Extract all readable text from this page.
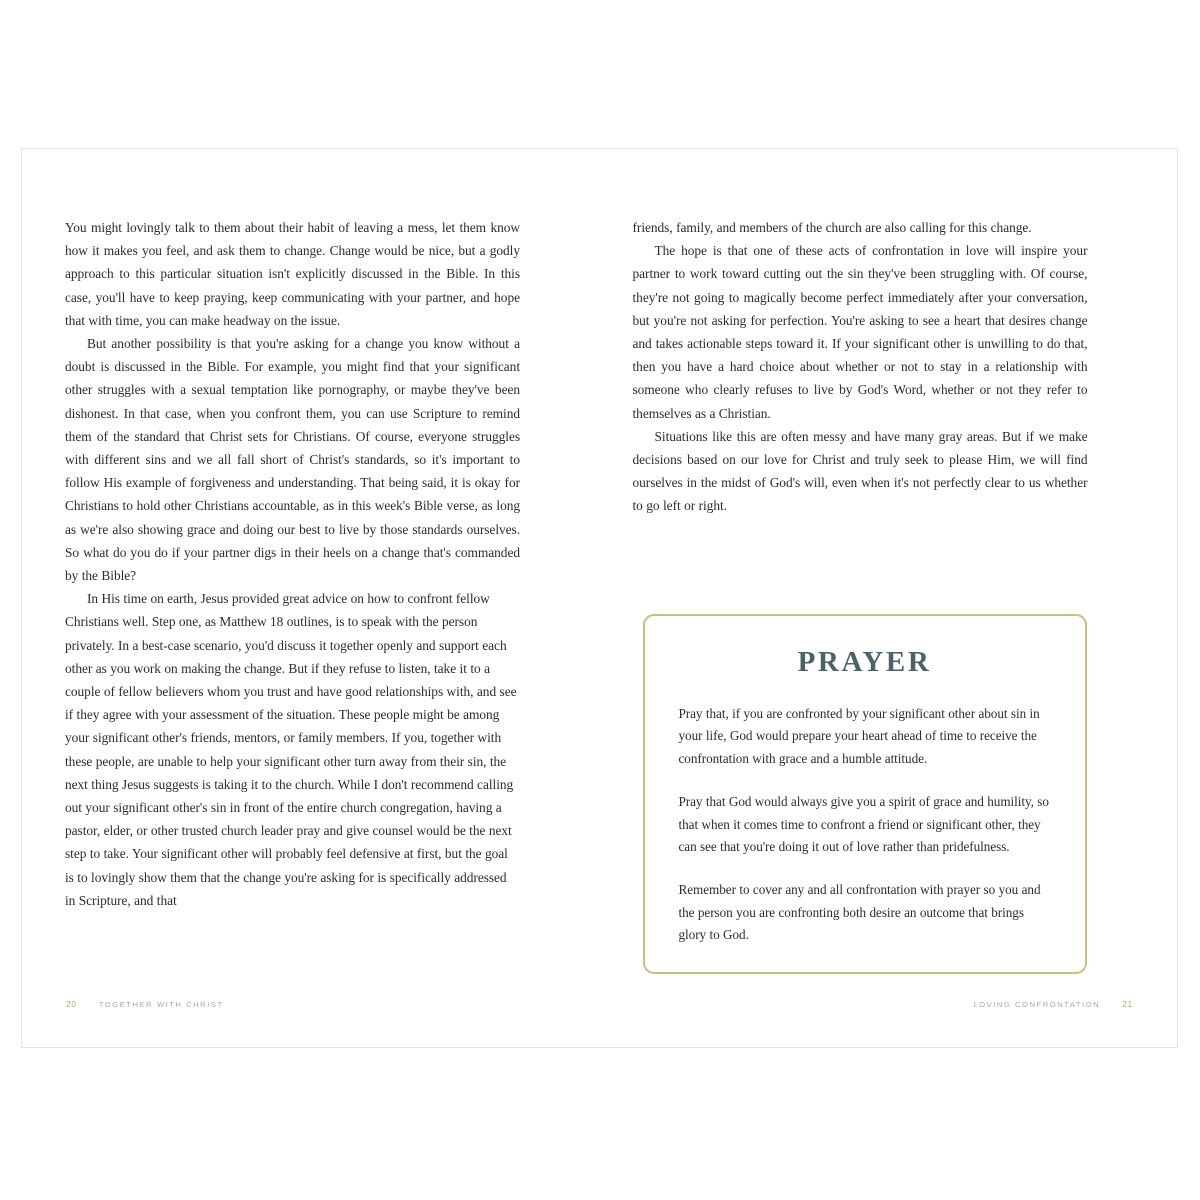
You might lovingly talk to them about their habit of leaving a mess, let them know how it makes you feel, and ask them to change. Change would be nice, but a godly approach to this particular situation isn't explicitly discussed in the Bible. In this case, you'll have to keep praying, keep communicating with your partner, and hope that with time, you can make headway on the issue.

But another possibility is that you're asking for a change you know without a doubt is discussed in the Bible. For example, you might find that your significant other struggles with a sexual temptation like pornography, or maybe they've been dishonest. In that case, when you confront them, you can use Scripture to remind them of the standard that Christ sets for Christians. Of course, everyone struggles with different sins and we all fall short of Christ's standards, so it's important to follow His example of forgiveness and understanding. That being said, it is okay for Christians to hold other Christians accountable, as in this week's Bible verse, as long as we're also showing grace and doing our best to live by those standards ourselves. So what do you do if your partner digs in their heels on a change that's commanded by the Bible?

In His time on earth, Jesus provided great advice on how to confront fellow Christians well. Step one, as Matthew 18 outlines, is to speak with the person privately. In a best-case scenario, you'd discuss it together openly and support each other as you work on making the change. But if they refuse to listen, take it to a couple of fellow believers whom you trust and have good relationships with, and see if they agree with your assessment of the situation. These people might be among your significant other's friends, mentors, or family members. If you, together with these people, are unable to help your significant other turn away from their sin, the next thing Jesus suggests is taking it to the church. While I don't recommend calling out your significant other's sin in front of the entire church congregation, having a pastor, elder, or other trusted church leader pray and give counsel would be the next step to take. Your significant other will probably feel defensive at first, but the goal is to lovingly show them that the change you're asking for is specifically addressed in Scripture, and that

20	TOGETHER WITH CHRIST

friends, family, and members of the church are also calling for this change.

The hope is that one of these acts of confrontation in love will inspire your partner to work toward cutting out the sin they've been struggling with. Of course, they're not going to magically become perfect immediately after your conversation, but you're not asking for perfection. You're asking to see a heart that desires change and takes actionable steps toward it. If your significant other is unwilling to do that, then you have a hard choice about whether or not to stay in a relationship with someone who clearly refuses to live by God's Word, whether or not they refer to themselves as a Christian.

Situations like this are often messy and have many gray areas. But if we make decisions based on our love for Christ and truly seek to please Him, we will find ourselves in the midst of God's will, even when it's not perfectly clear to us whether to go left or right.

PRAYER

Pray that, if you are confronted by your significant other about sin in your life, God would prepare your heart ahead of time to receive the confrontation with grace and a humble attitude.

Pray that God would always give you a spirit of grace and humility, so that when it comes time to confront a friend or significant other, they can see that you're doing it out of love rather than pridefulness.

Remember to cover any and all confrontation with prayer so you and the person you are confronting both desire an outcome that brings glory to God.

LOVING CONFRONTATION	21
